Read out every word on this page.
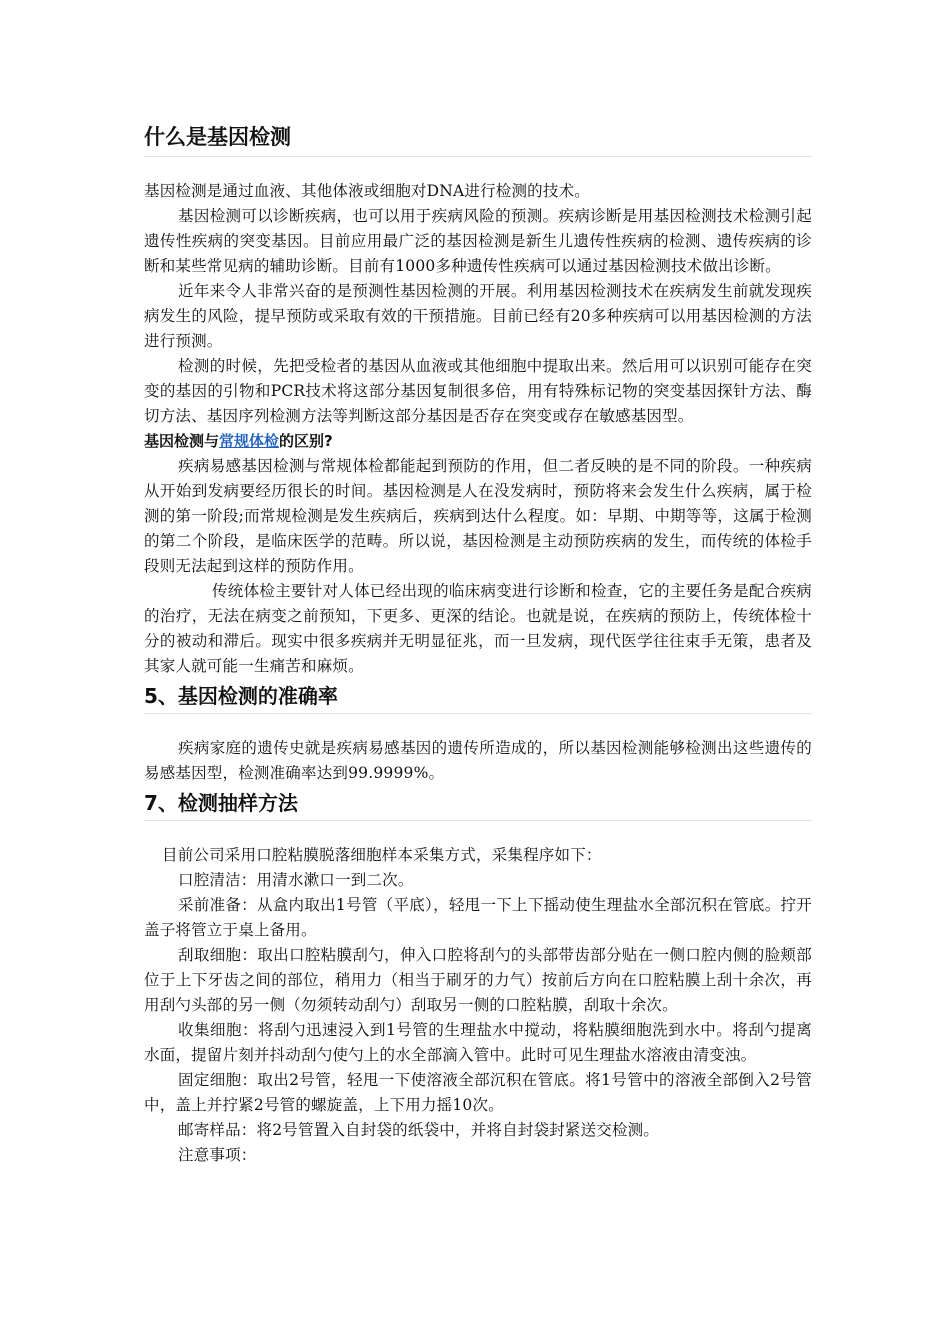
什么是基因检测

基因检测是通过血液、其他体液或细胞对DNA进行检测的技术。

基因检测可以诊断疾病，也可以用于疾病风险的预测。疾病诊断是用基因检测技术检测引起遗传性疾病的突变基因。目前应用最广泛的基因检测是新生儿遗传性疾病的检测、遗传疾病的诊断和某些常见病的辅助诊断。目前有1000多种遗传性疾病可以通过基因检测技术做出诊断。

近年来令人非常兴奋的是预测性基因检测的开展。利用基因检测技术在疾病发生前就发现疾病发生的风险，提早预防或采取有效的干预措施。目前已经有20多种疾病可以用基因检测的方法进行预测。

检测的时候，先把受检者的基因从血液或其他细胞中提取出来。然后用可以识别可能存在突变的基因的引物和PCR技术将这部分基因复制很多倍，用有特殊标记物的突变基因探针方法、酶切方法、基因序列检测方法等判断这部分基因是否存在突变或存在敏感基因型。

基因检测与常规体检的区别?

疾病易感基因检测与常规体检都能起到预防的作用，但二者反映的是不同的阶段。一种疾病从开始到发病要经历很长的时间。基因检测是人在没发病时，预防将来会发生什么疾病，属于检测的第一阶段;而常规检测是发生疾病后，疾病到达什么程度。如：早期、中期等等，这属于检测的第二个阶段，是临床医学的范畴。所以说，基因检测是主动预防疾病的发生，而传统的体检手段则无法起到这样的预防作用。

传统体检主要针对人体已经出现的临床病变进行诊断和检查，它的主要任务是配合疾病的治疗，无法在病变之前预知，下更多、更深的结论。也就是说，在疾病的预防上，传统体检十分的被动和滞后。现实中很多疾病并无明显征兆，而一旦发病，现代医学往往束手无策，患者及其家人就可能一生痛苦和麻烦。

5、基因检测的准确率

疾病家庭的遗传史就是疾病易感基因的遗传所造成的，所以基因检测能够检测出这些遗传的易感基因型，检测准确率达到99.9999%。

7、检测抽样方法

目前公司采用口腔粘膜脱落细胞样本采集方式，采集程序如下：

口腔清洁：用清水漱口一到二次。

采前准备：从盒内取出1号管（平底），轻甩一下上下摇动使生理盐水全部沉积在管底。拧开盖子将管立于桌上备用。

刮取细胞：取出口腔粘膜刮勺，伸入口腔将刮勺的头部带齿部分贴在一侧口腔内侧的脸颊部位于上下牙齿之间的部位，稍用力（相当于刷牙的力气）按前后方向在口腔粘膜上刮十余次，再用刮勺头部的另一侧（勿须转动刮勺）刮取另一侧的口腔粘膜，刮取十余次。

收集细胞：将刮勺迅速浸入到1号管的生理盐水中搅动，将粘膜细胞洗到水中。将刮勺提离水面，提留片刻并抖动刮勺使勺上的水全部滴入管中。此时可见生理盐水溶液由清变浊。

固定细胞：取出2号管，轻甩一下使溶液全部沉积在管底。将1号管中的溶液全部倒入2号管中，盖上并拧紧2号管的螺旋盖，上下用力摇10次。

邮寄样品：将2号管置入自封袋的纸袋中，并将自封袋封紧送交检测。

注意事项：
